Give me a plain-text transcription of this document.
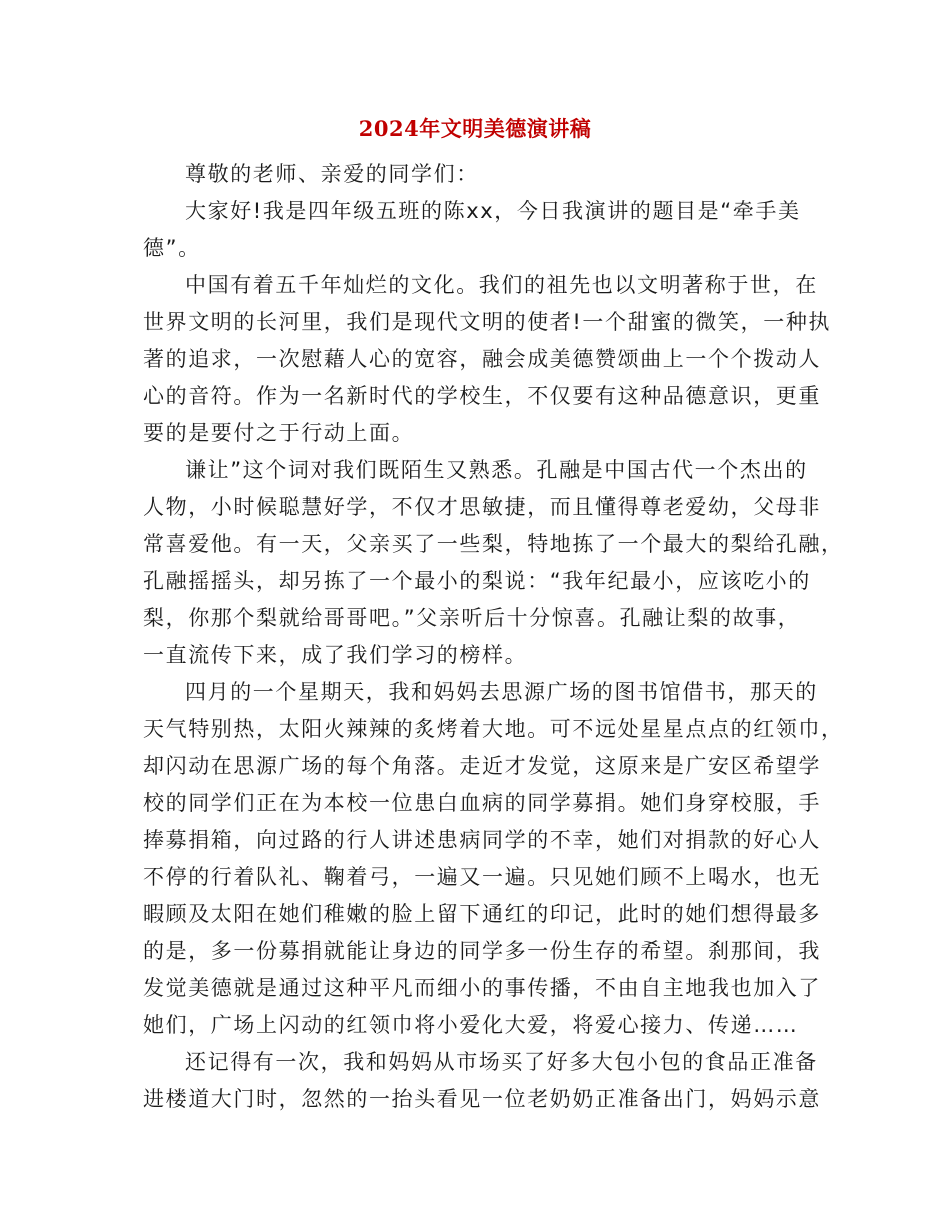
2024年文明美德演讲稿
尊敬的老师、亲爱的同学们：
大家好!我是四年级五班的陈xx，今日我演讲的题目是“牵手美
德”。
中国有着五千年灿烂的文化。我们的祖先也以文明著称于世，在
世界文明的长河里，我们是现代文明的使者!一个甜蜜的微笑，一种执
著的追求，一次慰藉人心的宽容，融会成美德赞颂曲上一个个拨动人
心的音符。作为一名新时代的学校生，不仅要有这种品德意识，更重
要的是要付之于行动上面。
谦让”这个词对我们既陌生又熟悉。孔融是中国古代一个杰出的
人物，小时候聪慧好学，不仅才思敏捷，而且懂得尊老爱幼，父母非
常喜爱他。有一天，父亲买了一些梨，特地拣了一个最大的梨给孔融，
孔融摇摇头，却另拣了一个最小的梨说：“我年纪最小，应该吃小的
梨，你那个梨就给哥哥吧。”父亲听后十分惊喜。孔融让梨的故事，
一直流传下来，成了我们学习的榜样。
四月的一个星期天，我和妈妈去思源广场的图书馆借书，那天的
天气特别热，太阳火辣辣的炙烤着大地。可不远处星星点点的红领巾，
却闪动在思源广场的每个角落。走近才发觉，这原来是广安区希望学
校的同学们正在为本校一位患白血病的同学募捐。她们身穿校服，手
捧募捐箱，向过路的行人讲述患病同学的不幸，她们对捐款的好心人
不停的行着队礼、鞠着弓，一遍又一遍。只见她们顾不上喝水，也无
暇顾及太阳在她们稚嫩的脸上留下通红的印记，此时的她们想得最多
的是，多一份募捐就能让身边的同学多一份生存的希望。刹那间，我
发觉美德就是通过这种平凡而细小的事传播，不由自主地我也加入了
她们，广场上闪动的红领巾将小爱化大爱，将爱心接力、传递……
还记得有一次，我和妈妈从市场买了好多大包小包的食品正准备
进楼道大门时，忽然的一抬头看见一位老奶奶正准备出门，妈妈示意
